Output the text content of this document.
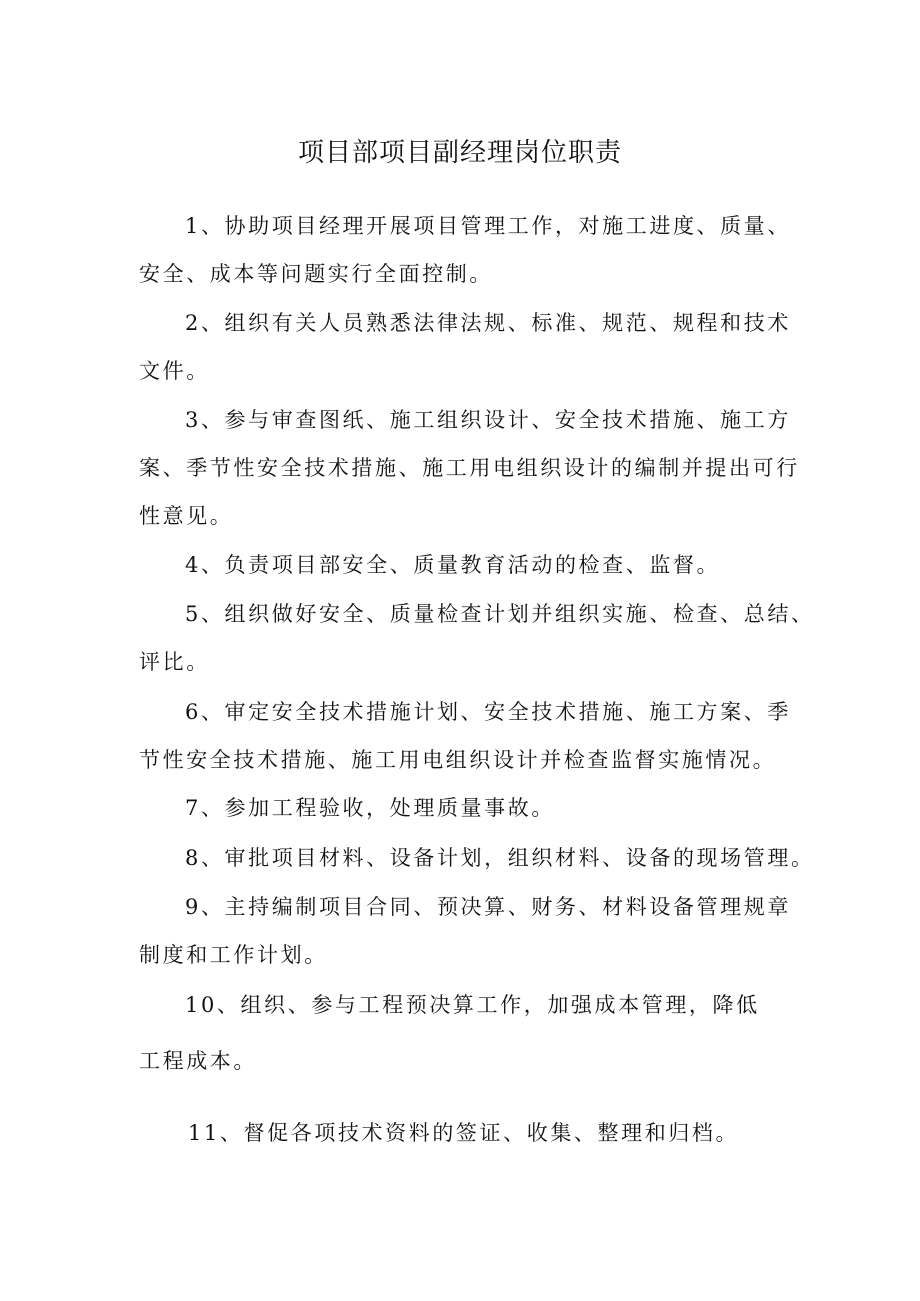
项目部项目副经理岗位职责

1、协助项目经理开展项目管理工作，对施工进度、质量、

安全、成本等问题实行全面控制。

2、组织有关人员熟悉法律法规、标准、规范、规程和技术

文件。

3、参与审查图纸、施工组织设计、安全技术措施、施工方

案、季节性安全技术措施、施工用电组织设计的编制并提出可行

性意见。

4、负责项目部安全、质量教育活动的检查、监督。

5、组织做好安全、质量检查计划并组织实施、检查、总结、

评比。

6、审定安全技术措施计划、安全技术措施、施工方案、季

节性安全技术措施、施工用电组织设计并检查监督实施情况。

7、参加工程验收，处理质量事故。

8、审批项目材料、设备计划，组织材料、设备的现场管理。

9、主持编制项目合同、预决算、财务、材料设备管理规章

制度和工作计划。

10、组织、参与工程预决算工作，加强成本管理，降低

工程成本。

11、督促各项技术资料的签证、收集、整理和归档。
